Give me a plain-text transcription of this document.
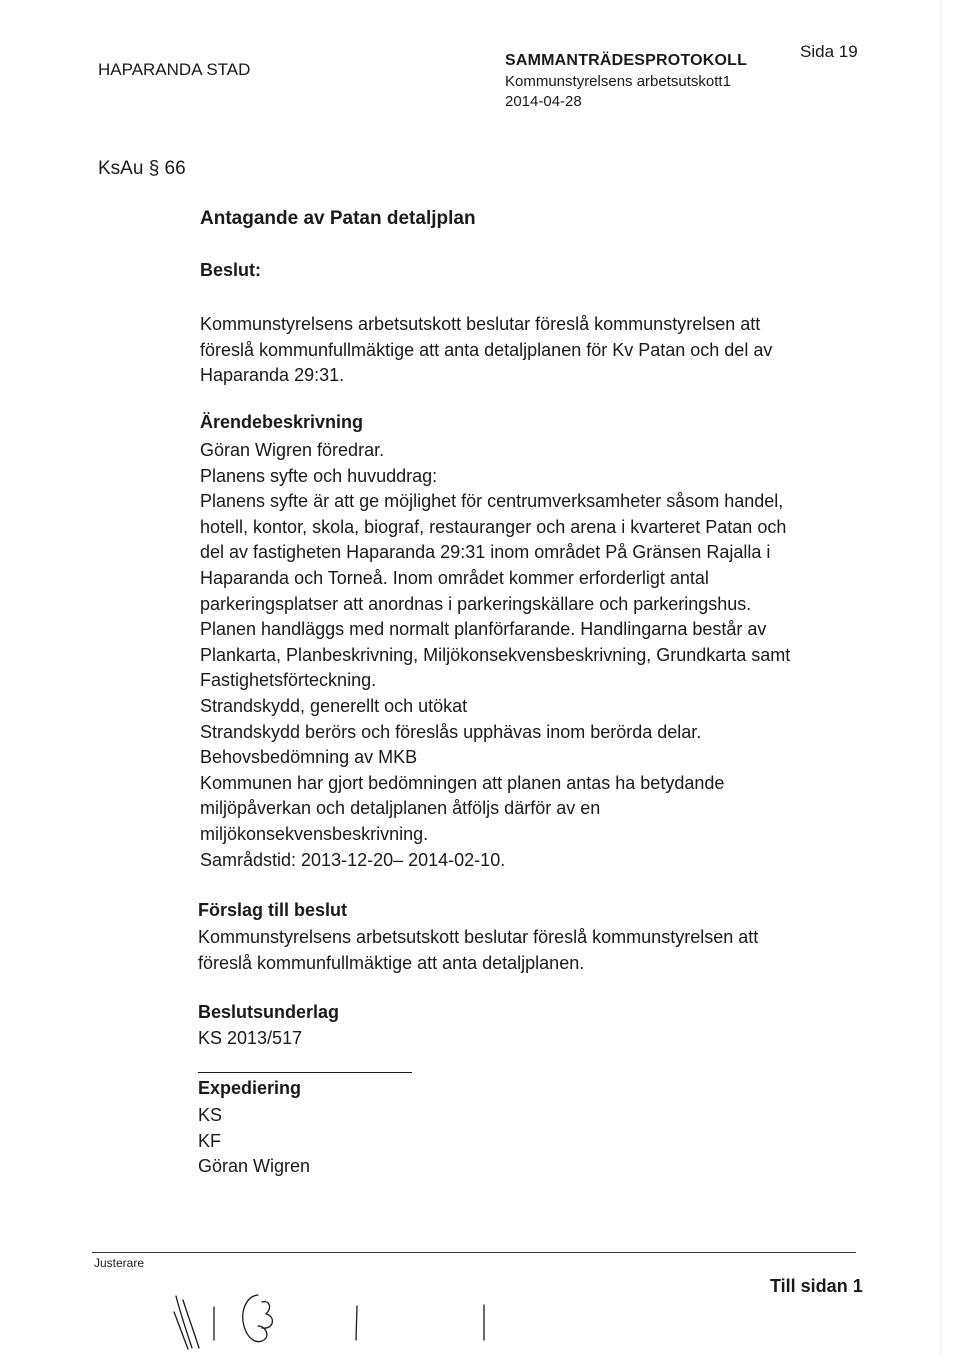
HAPARANDA STAD
Sida 19
SAMMANTRÄDESPROTOKOLL
Kommunstyrelsens arbetsutskott1
2014-04-28
KsAu § 66
Antagande av Patan detaljplan
Beslut:
Kommunstyrelsens arbetsutskott beslutar föreslå kommunstyrelsen att
föreslå kommunfullmäktige att anta detaljplanen för Kv Patan och del av
Haparanda 29:31.
Ärendebeskrivning
Göran Wigren föredrar.
Planens syfte och huvuddrag:
Planens syfte är att ge möjlighet för centrumverksamheter såsom handel,
hotell, kontor, skola, biograf, restauranger och arena i kvarteret Patan och
del av fastigheten Haparanda 29:31 inom området På Gränsen Rajalla i
Haparanda och Torneå. Inom området kommer erforderligt antal
parkeringsplatser att anordnas i parkeringskällare och parkeringshus.
Planen handläggs med normalt planförfarande. Handlingarna består av
Plankarta, Planbeskrivning, Miljökonsekvensbeskrivning, Grundkarta samt
Fastighetsförteckning.
Strandskydd, generellt och utökat
Strandskydd berörs och föreslås upphävas inom berörda delar.
Behovsbedömning av MKB
Kommunen har gjort bedömningen att planen antas ha betydande
miljöpåverkan och detaljplanen åtföljs därför av en
miljökonsekvensbeskrivning.
Samrådstid: 2013-12-20– 2014-02-10.
Förslag till beslut
Kommunstyrelsens arbetsutskott beslutar föreslå kommunstyrelsen att
föreslå kommunfullmäktige att anta detaljplanen.
Beslutsunderlag
KS 2013/517
Expediering
KS
KF
Göran Wigren
Justerare
Till sidan 1
